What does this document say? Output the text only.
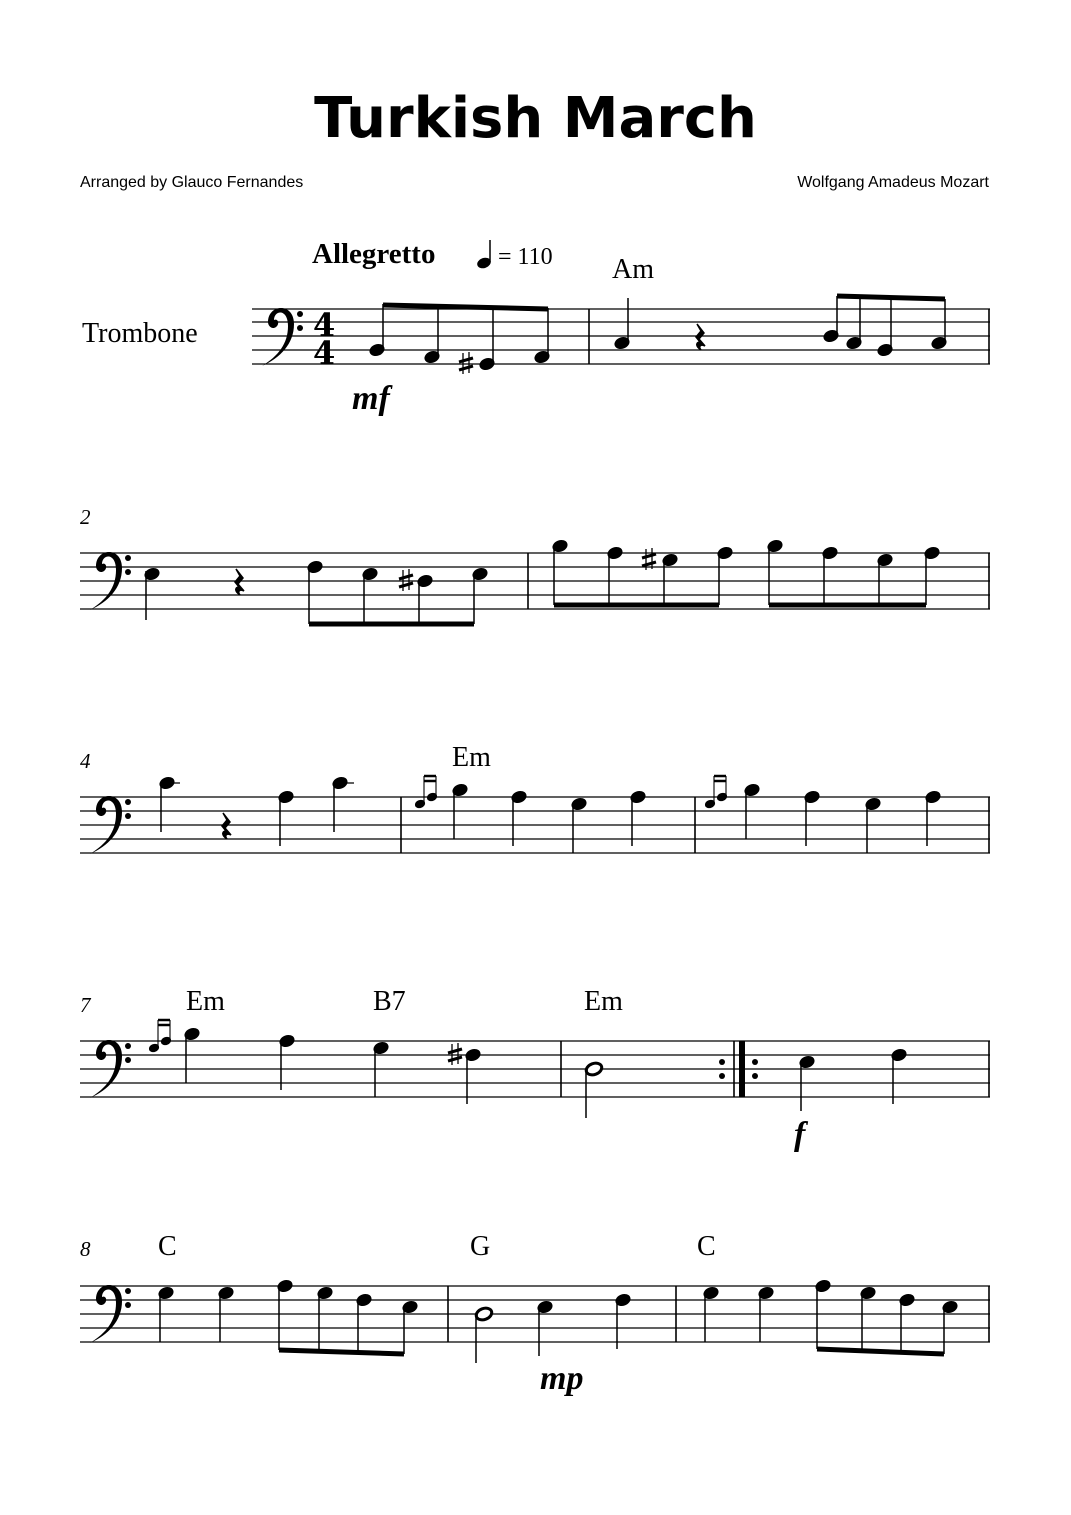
Turkish March
Arranged by Glauco Fernandes	Wolfgang Amadeus Mozart
Allegretto	= 110
Trombone
Am
Em
Em	B7	Em
C	G	C
2
4
7
8
mf
f
mp
4
4
